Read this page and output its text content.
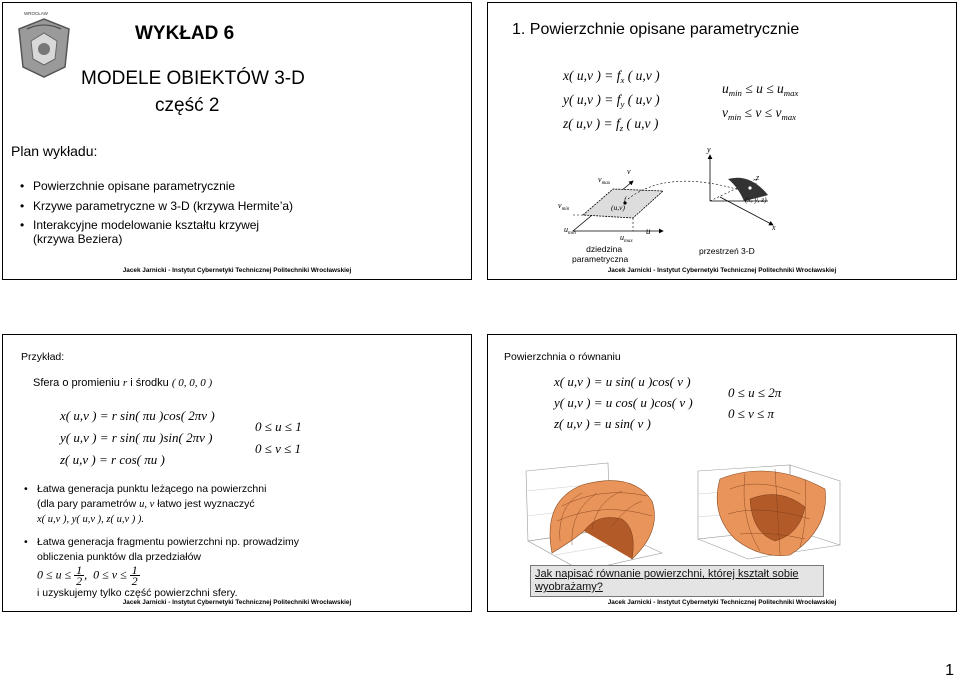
WROCŁAW
WYKŁAD 6
MODELE OBIEKTÓW 3-D
część 2
Plan wykładu:
• Powierzchnie opisane parametrycznie
• Krzywe parametryczne w 3-D (krzywa Hermite’a)
• Interakcyjne modelowanie kształtu krzywej
(krzywa Beziera)
Jacek Jarnicki - Instytut Cybernetyki Technicznej Politechniki Wrocławskiej
1. Powierzchnie opisane parametrycznie
x( u,v ) = $f_x$ ( u,v )
y( u,v ) = $f_y$ ( u,v )
z( u,v ) = $f_z$ ( u,v )
$u_{min} \le u \le u_{max}$
$v_{min} \le v \le v_{max}$
v
$v_{max}$
$v_{min}$
$u_{min}$
$u_{max}$
u
(u,v)
f
dziedzina
parametryczna
y
z
(x, y, z)
x
przestrzeń 3-D
Jacek Jarnicki - Instytut Cybernetyki Technicznej Politechniki Wrocławskiej
Przykład:
Sfera o promieniu r i środku ( 0, 0, 0 )
x( u,v ) = r sin( πu )cos( 2πv )
y( u,v ) = r sin( πu )sin( 2πv )
z( u,v ) = r cos( πu )
0 ≤ u ≤ 1
0 ≤ v ≤ 1
• Łatwa generacja punktu leżącego na powierzchni
(dla pary parametrów u, v łatwo jest wyznaczyć
x( u,v ), y( u,v ), z( u,v ) ).
• Łatwa generacja fragmentu powierzchni np. prowadzimy
obliczenia punktów dla przedziałów
$0 \le u \le \frac{1}{2}$ ,  $0 \le v \le \frac{1}{2}$
i uzyskujemy tylko część powierzchni sfery.
Jacek Jarnicki - Instytut Cybernetyki Technicznej Politechniki Wrocławskiej
Powierzchnia o równaniu
x( u,v ) = u sin( u )cos( v )
y( u,v ) = u cos( u )cos( v )
z( u,v ) = u sin( v )
0 ≤ u ≤ 2π
0 ≤ v ≤ π
Jak napisać równanie powierzchni, której kształt sobie wyobrażamy?
Jacek Jarnicki - Instytut Cybernetyki Technicznej Politechniki Wrocławskiej
1
